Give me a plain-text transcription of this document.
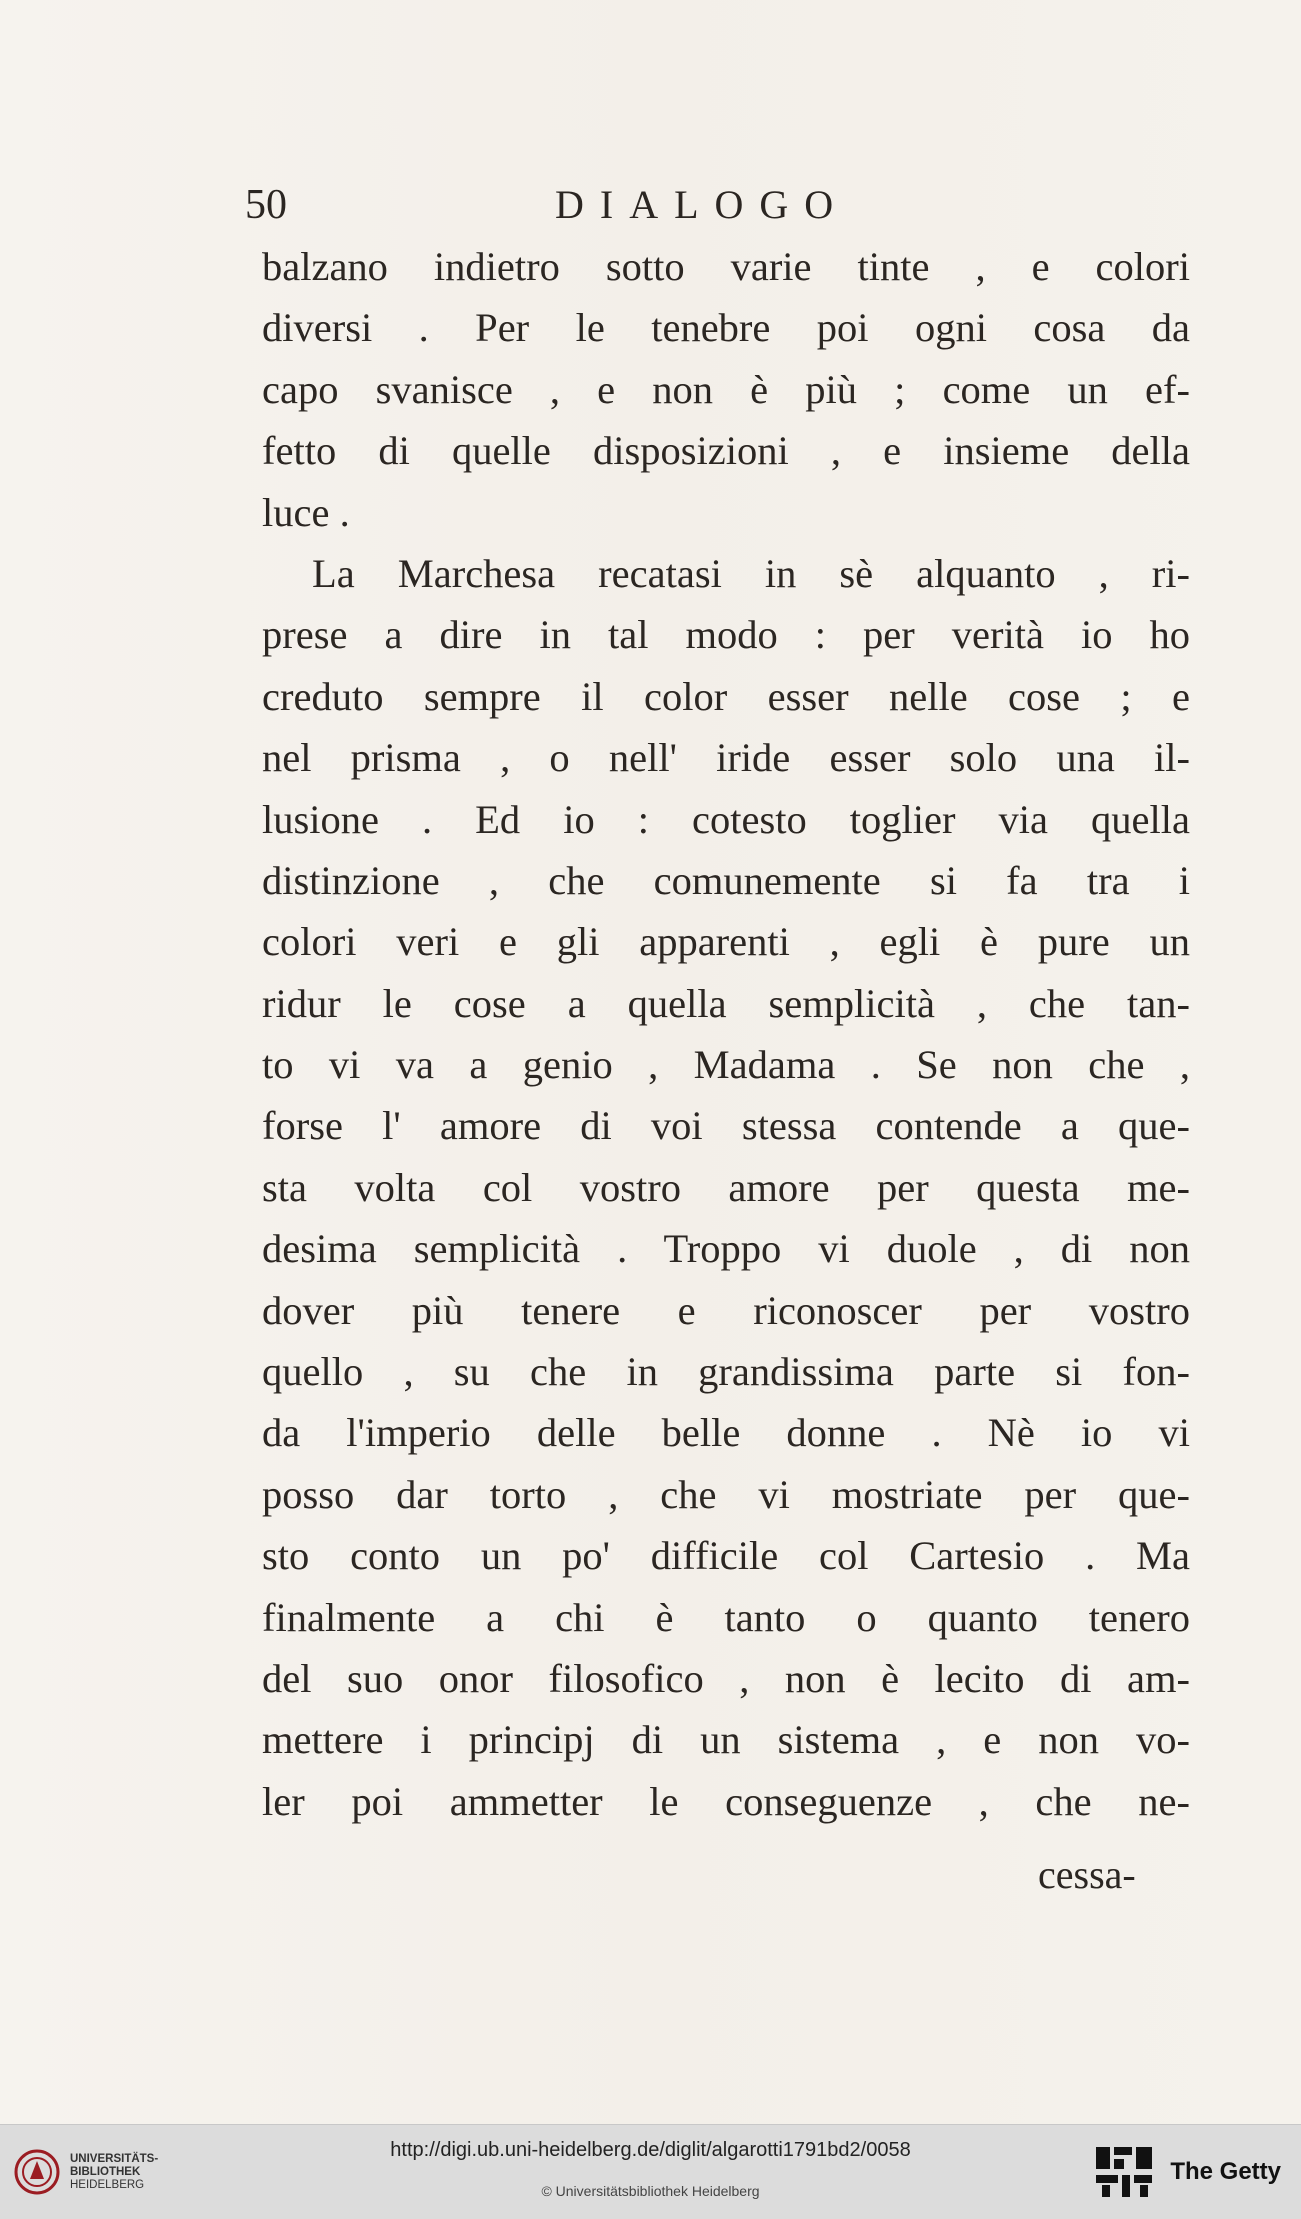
50	DIALOGO
balzano indietro sotto varie tinte , e colori
diversi . Per le tenebre poi ogni cosa da
capo svanisce , e non è più ; come un ef-
fetto di quelle disposizioni , e insieme della
luce .
La Marchesa recatasi in sè alquanto , ri-
prese a dire in tal modo : per verità io ho
creduto sempre il color esser nelle cose ; e
nel prisma , o nell' iride esser solo una il-
lusione . Ed io : cotesto toglier via quella
distinzione , che comunemente si fa tra i
colori veri e gli apparenti , egli è pure un
ridur le cose a quella semplicità , che tan-
to vi va a genio , Madama . Se non che ,
forse l' amore di voi stessa contende a que-
sta volta col vostro amore per questa me-
desima semplicità . Troppo vi duole , di non
dover più tenere e riconoscer per vostro
quello , su che in grandissima parte si fon-
da l'imperio delle belle donne . Nè io vi
posso dar torto , che vi mostriate per que-
sto conto un po' difficile col Cartesio . Ma
finalmente a chi è tanto o quanto tenero
del suo onor filosofico , non è lecito di am-
mettere i principj di un sistema , e non vo-
ler poi ammetter le conseguenze , che ne-
cessa-
UNIVERSITÄTS-
BIBLIOTHEK
HEIDELBERG
http://digi.ub.uni-heidelberg.de/diglit/algarotti1791bd2/0058
© Universitätsbibliothek Heidelberg
The Getty
